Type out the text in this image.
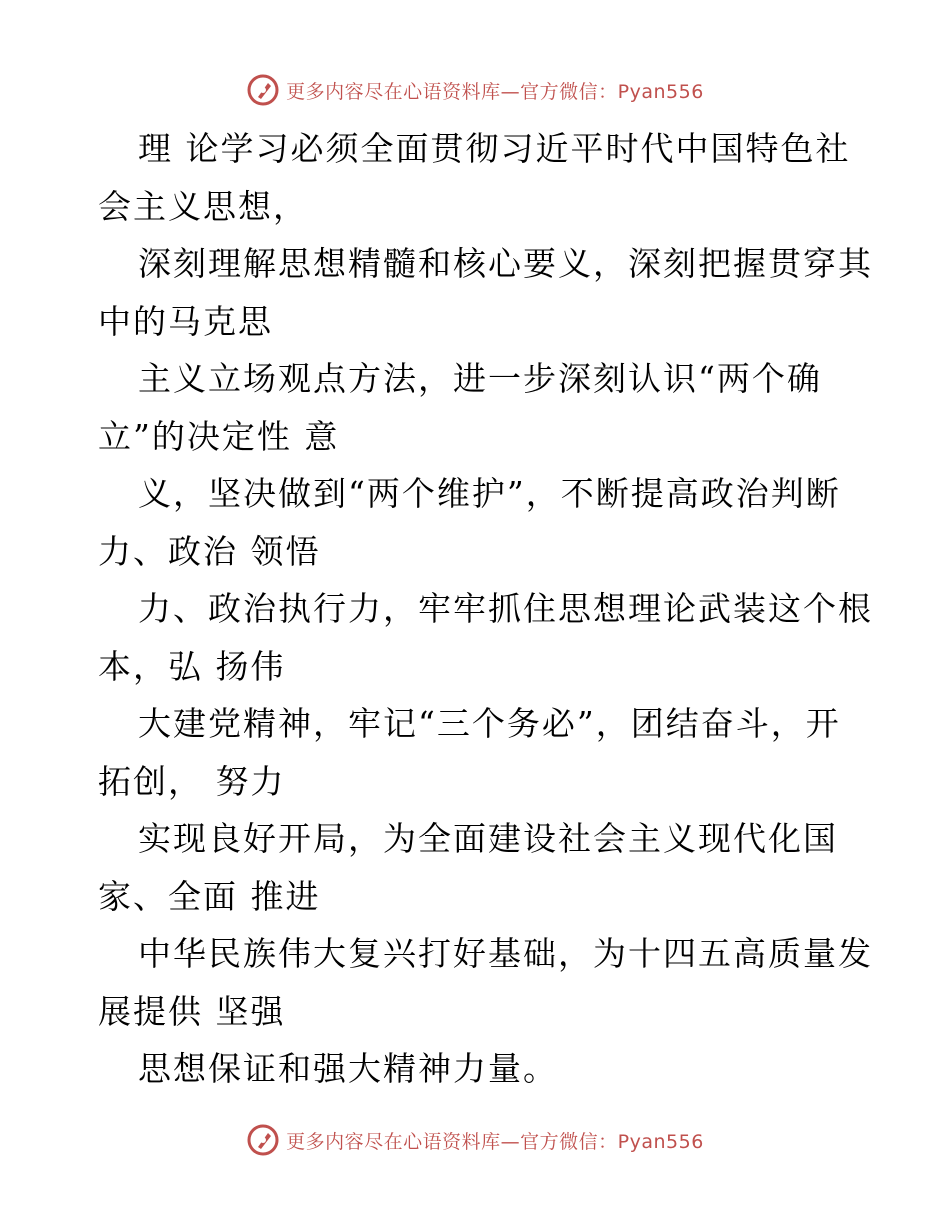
更多内容尽在心语资料库—官方微信：Pyan556

理 论学习必须全面贯彻习近平时代中国特色社
会主义思想，

深刻理解思想精髓和核心要义，深刻把握贯穿其
中的马克思

主义立场观点方法，进一步深刻认识“两个确
立”的决定性 意

义，坚决做到“两个维护”，不断提高政治判断
力、政治 领悟

力、政治执行力，牢牢抓住思想理论武装这个根
本，弘 扬伟

大建党精神，牢记“三个务必”，团结奋斗，开
拓创， 努力

实现良好开局，为全面建设社会主义现代化国
家、全面 推进

中华民族伟大复兴打好基础，为十四五高质量发
展提供 坚强

思想保证和强大精神力量。

更多内容尽在心语资料库—官方微信：Pyan556
